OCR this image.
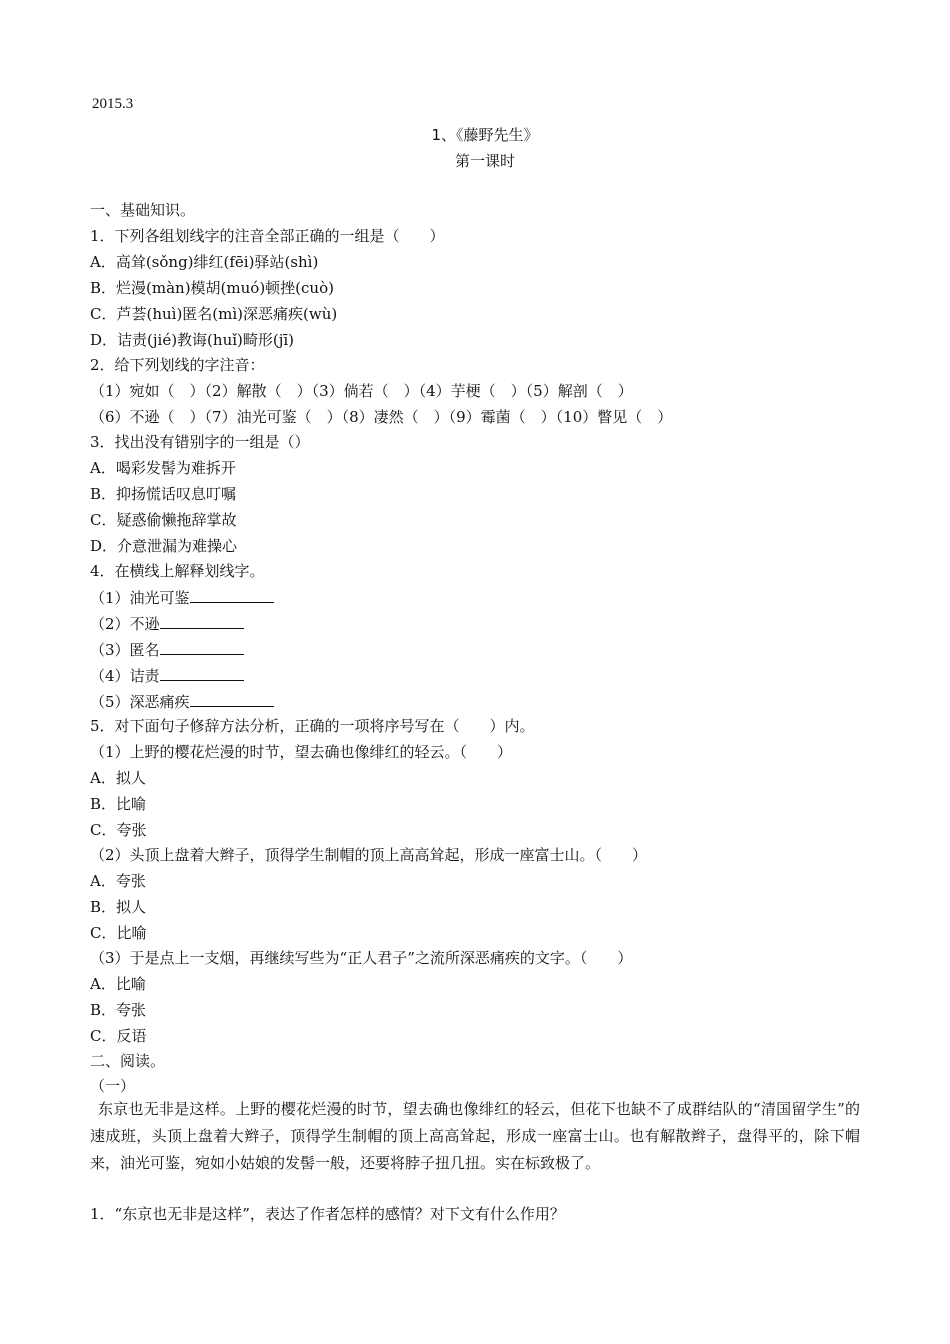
2015.3
1、《藤野先生》
第一课时
一、基础知识。
1．下列各组划线字的注音全部正确的一组是（　　）
A．高耸(sǒng)绯红(fēi)驿站(shì)
B．烂漫(màn)模胡(muó)顿挫(cuò)
C．芦荟(huì)匿名(mì)深恶痛疾(wù)
D．诘责(jié)教诲(huǐ)畸形(jī)
2．给下列划线的字注音：
（1）宛如（　）（2）解散（　）（3）倘若（　）（4）芋梗（　）（5）解剖（　）
（6）不逊（　）（7）油光可鉴（　）（8）凄然（　）（9）霉菌（　）（10）瞥见（　）
3．找出没有错别字的一组是（）
A．喝彩发髻为难拆开
B．抑扬慌话叹息叮嘱
C．疑惑偷懒拖辞掌故
D．介意泄漏为难操心
4．在横线上解释划线字。
（1）油光可鉴
（2）不逊
（3）匿名
（4）诘责
（5）深恶痛疾
5．对下面句子修辞方法分析，正确的一项将序号写在（　　）内。
（1）上野的樱花烂漫的时节，望去确也像绯红的轻云。（　　）
A．拟人
B．比喻
C．夸张
（2）头顶上盘着大辫子，顶得学生制帽的顶上高高耸起，形成一座富士山。（　　）
A．夸张
B．拟人
C．比喻
（3）于是点上一支烟，再继续写些为“正人君子”之流所深恶痛疾的文字。（　　）
A．比喻
B．夸张
C．反语
二、阅读。
（一）
东京也无非是这样。上野的樱花烂漫的时节，望去确也像绯红的轻云，但花下也缺不了成群结队的“清国留学生”的速成班，头顶上盘着大辫子，顶得学生制帽的顶上高高耸起，形成一座富士山。也有解散辫子，盘得平的，除下帽来，油光可鉴，宛如小姑娘的发髻一般，还要将脖子扭几扭。实在标致极了。
1．“东京也无非是这样”，表达了作者怎样的感情？对下文有什么作用？
